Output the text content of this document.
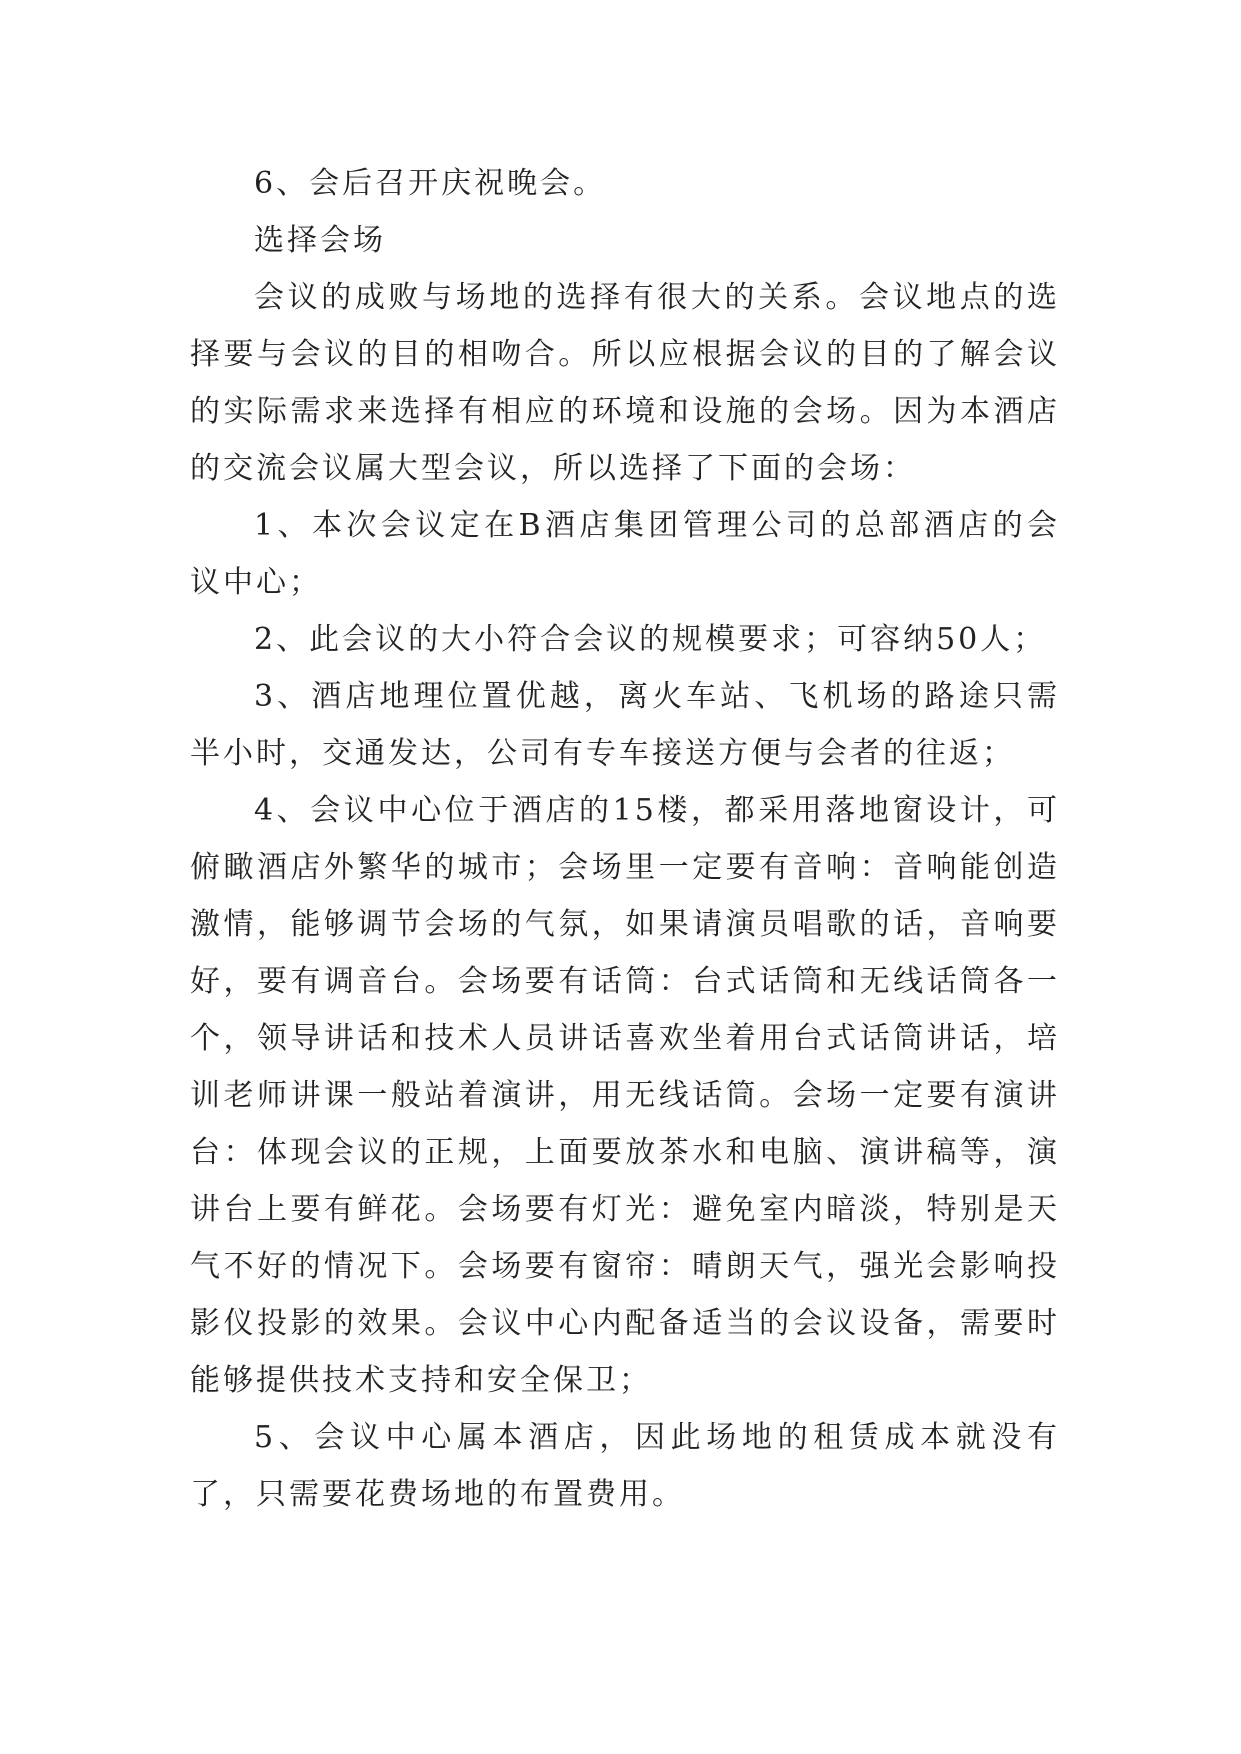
6、会后召开庆祝晚会。

选择会场

会议的成败与场地的选择有很大的关系。会议地点的选择要与会议的目的相吻合。所以应根据会议的目的了解会议的实际需求来选择有相应的环境和设施的会场。因为本酒店的交流会议属大型会议，所以选择了下面的会场：

1、本次会议定在B酒店集团管理公司的总部酒店的会议中心；

2、此会议的大小符合会议的规模要求；可容纳50人；

3、酒店地理位置优越，离火车站、飞机场的路途只需半小时，交通发达，公司有专车接送方便与会者的往返；

4、会议中心位于酒店的15楼，都采用落地窗设计，可俯瞰酒店外繁华的城市；会场里一定要有音响：音响能创造激情，能够调节会场的气氛，如果请演员唱歌的话，音响要好，要有调音台。会场要有话筒：台式话筒和无线话筒各一个，领导讲话和技术人员讲话喜欢坐着用台式话筒讲话，培训老师讲课一般站着演讲，用无线话筒。会场一定要有演讲台：体现会议的正规，上面要放茶水和电脑、演讲稿等，演讲台上要有鲜花。会场要有灯光：避免室内暗淡，特别是天气不好的情况下。会场要有窗帘：晴朗天气，强光会影响投影仪投影的效果。会议中心内配备适当的会议设备，需要时能够提供技术支持和安全保卫；

5、会议中心属本酒店，因此场地的租赁成本就没有了，只需要花费场地的布置费用。
